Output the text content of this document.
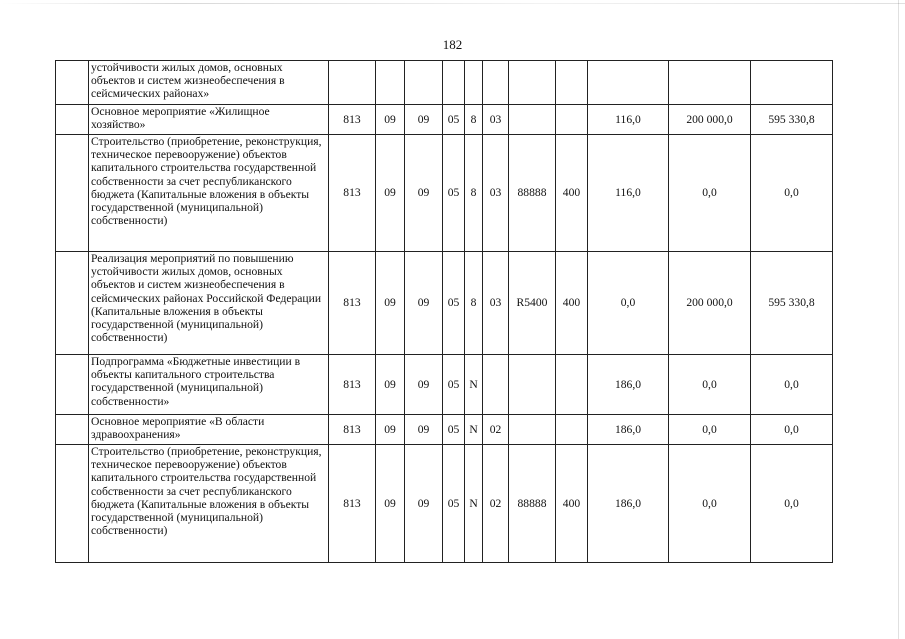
182
	устойчивости жилых домов, основных объектов и систем жизнеобеспечения в сейсмических районах»											
	Основное мероприятие «Жилищное хозяйство»	813	09	09	05	8	03			116,0	200 000,0	595 330,8
	Строительство (приобретение, реконструкция, техническое перевооружение) объектов капитального строительства государственной собственности за счет республиканского бюджета (Капитальные вложения в объекты государственной (муниципальной) собственности)	813	09	09	05	8	03	88888	400	116,0	0,0	0,0
	Реализация мероприятий по повышению устойчивости жилых домов, основных объектов и систем жизнеобеспечения в сейсмических районах Российской Федерации (Капитальные вложения в объекты государственной (муниципальной) собственности)	813	09	09	05	8	03	R5400	400	0,0	200 000,0	595 330,8
	Подпрограмма «Бюджетные инвестиции в объекты капитального строительства государственной (муниципальной) собственности»	813	09	09	05	N				186,0	0,0	0,0
	Основное мероприятие «В области здравоохранения»	813	09	09	05	N	02			186,0	0,0	0,0
	Строительство (приобретение, реконструкция, техническое перевооружение) объектов капитального строительства государственной собственности за счет республиканского бюджета (Капитальные вложения в объекты государственной (муниципальной) собственности)	813	09	09	05	N	02	88888	400	186,0	0,0	0,0
